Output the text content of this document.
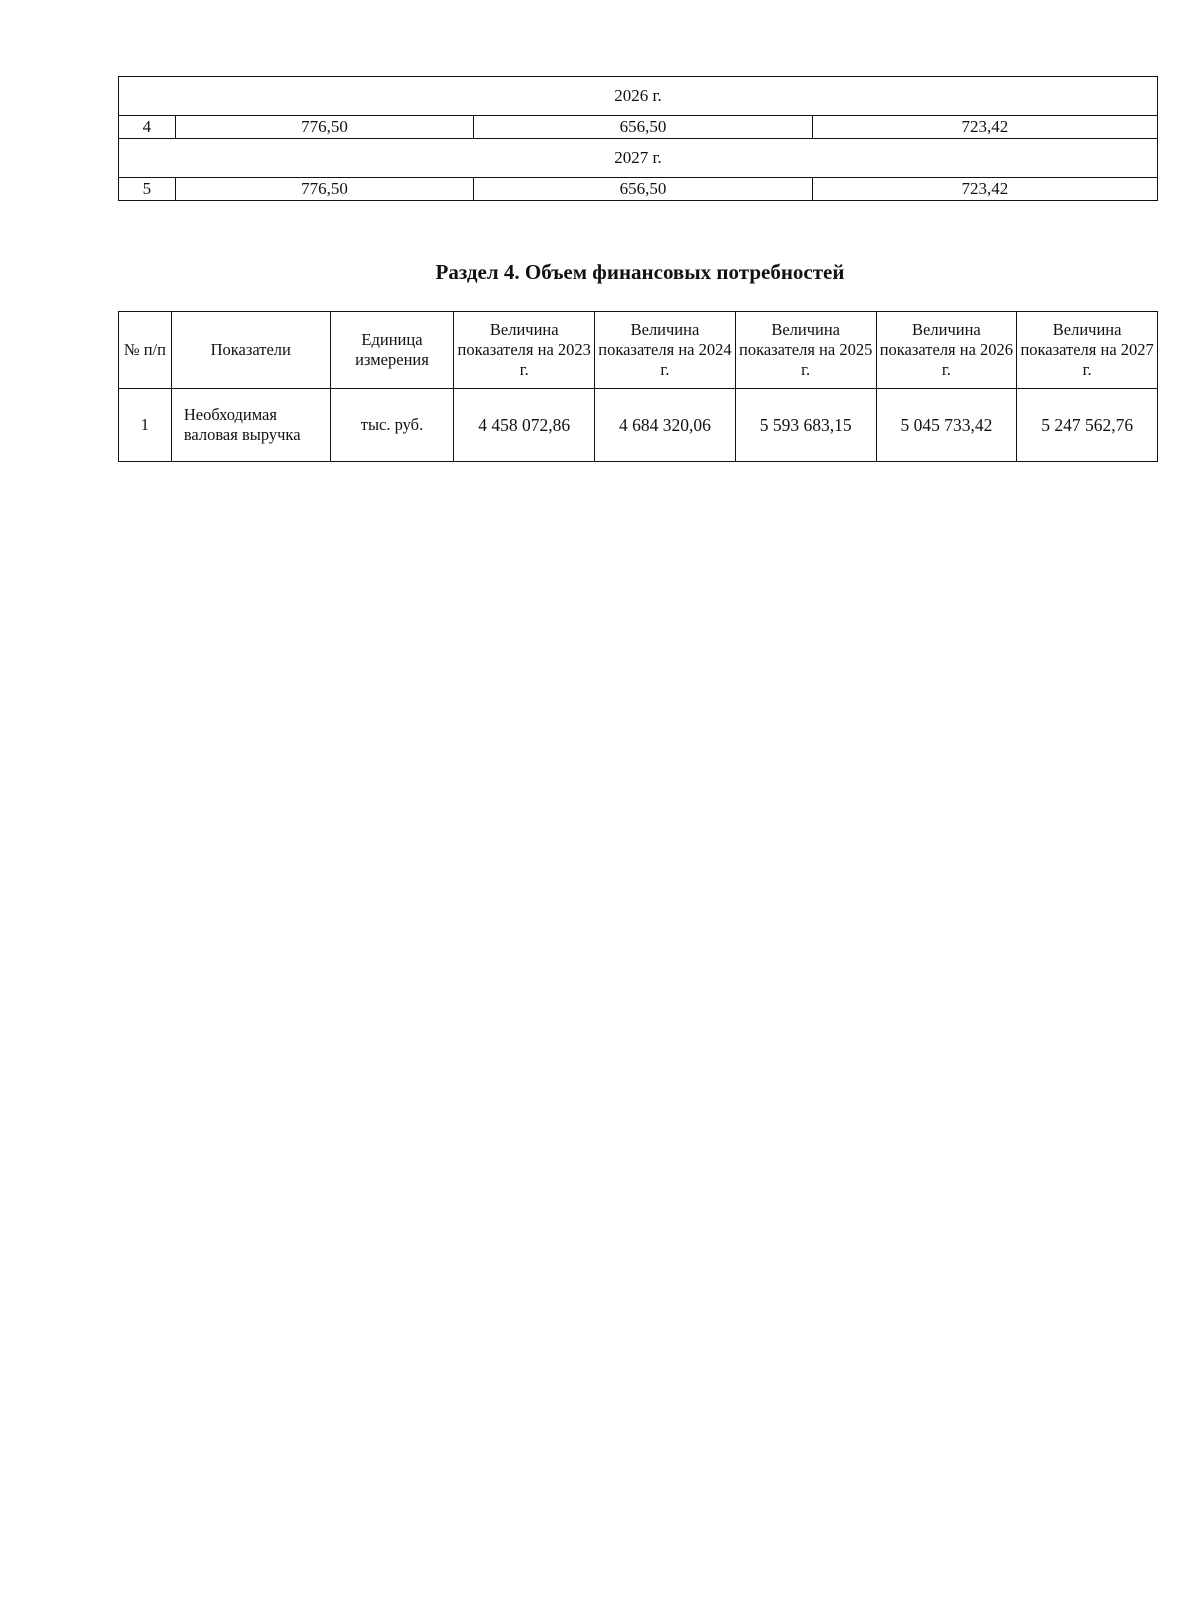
2026 г.			
4	776,50	656,50	723,42
2027 г.			
5	776,50	656,50	723,42
Раздел 4. Объем финансовых потребностей
№ п/п	Показатели	Единица измерения	Величина показателя на 2023 г.	Величина показателя на 2024 г.	Величина показателя на 2025 г.	Величина показателя на 2026 г.	Величина показателя на 2027 г.
1	Необходимая валовая выручка	тыс. руб.	4 458 072,86	4 684 320,06	5 593 683,15	5 045 733,42	5 247 562,76
